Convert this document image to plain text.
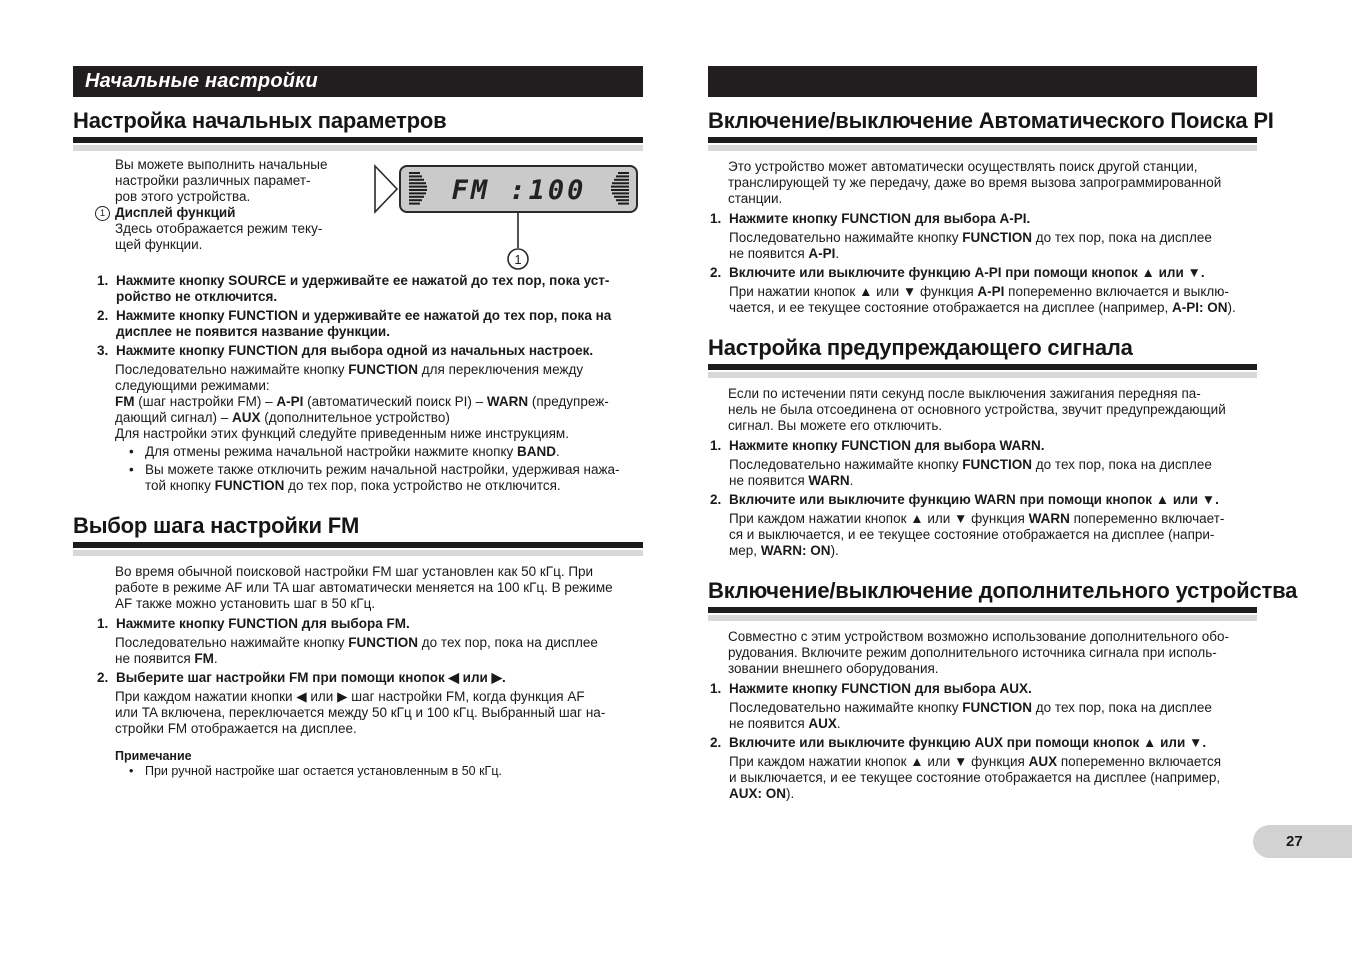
Начальные настройки
Настройка начальных параметров
Вы можете выполнить начальные
настройки различных парамет-
ров этого устройства.
1 Дисплей функций
Здесь отображается режим теку-
щей функции.
FM :100
1
1. Нажмите кнопку SOURCE и удерживайте ее нажатой до тех пор, пока уст-
ройство не отключится.
2. Нажмите кнопку FUNCTION и удерживайте ее нажатой до тех пор, пока на
дисплее не появится название функции.
3. Нажмите кнопку FUNCTION для выбора одной из начальных настроек.
Последовательно нажимайте кнопку FUNCTION для переключения между
следующими режимами:
FM (шаг настройки FM) – A-PI (автоматический поиск PI) – WARN (предупреж-
дающий сигнал) – AUX (дополнительное устройство)
Для настройки этих функций следуйте приведенным ниже инструкциям.
• Для отмены режима начальной настройки нажмите кнопку BAND.
• Вы можете также отключить режим начальной настройки, удерживая нажа-
той кнопку FUNCTION до тех пор, пока устройство не отключится.
Выбор шага настройки FM
Во время обычной поисковой настройки FM шаг установлен как 50 кГц. При
работе в режиме AF или TA шаг автоматически меняется на 100 кГц. В режиме
AF также можно установить шаг в 50 кГц.
1. Нажмите кнопку FUNCTION для выбора FM.
Последовательно нажимайте кнопку FUNCTION до тех пор, пока на дисплее
не появится FM.
2. Выберите шаг настройки FM при помощи кнопок ◀ или ▶.
При каждом нажатии кнопки ◀ или ▶ шаг настройки FM, когда функция AF
или TA включена, переключается между 50 кГц и 100 кГц. Выбранный шаг на-
стройки FM отображается на дисплее.
Примечание
• При ручной настройке шаг остается установленным в 50 кГц.
Включение/выключение Автоматического Поиска PI
Это устройство может автоматически осуществлять поиск другой станции,
транслирующей ту же передачу, даже во время вызова запрограммированной
станции.
1. Нажмите кнопку FUNCTION для выбора A-PI.
Последовательно нажимайте кнопку FUNCTION до тех пор, пока на дисплее
не появится A-PI.
2. Включите или выключите функцию A-PI при помощи кнопок ▲ или ▼.
При нажатии кнопок ▲ или ▼ функция A-PI попеременно включается и выклю-
чается, и ее текущее состояние отображается на дисплее (например, A-PI: ON).
Настройка предупреждающего сигнала
Если по истечении пяти секунд после выключения зажигания передняя па-
нель не была отсоединена от основного устройства, звучит предупреждающий
сигнал. Вы можете его отключить.
1. Нажмите кнопку FUNCTION для выбора WARN.
Последовательно нажимайте кнопку FUNCTION до тех пор, пока на дисплее
не появится WARN.
2. Включите или выключите функцию WARN при помощи кнопок ▲ или ▼.
При каждом нажатии кнопок ▲ или ▼ функция WARN попеременно включает-
ся и выключается, и ее текущее состояние отображается на дисплее (напри-
мер, WARN: ON).
Включение/выключение дополнительного устройства
Совместно с этим устройством возможно использование дополнительного обо-
рудования. Включите режим дополнительного источника сигнала при исполь-
зовании внешнего оборудования.
1. Нажмите кнопку FUNCTION для выбора AUX.
Последовательно нажимайте кнопку FUNCTION до тех пор, пока на дисплее
не появится AUX.
2. Включите или выключите функцию AUX при помощи кнопок ▲ или ▼.
При каждом нажатии кнопок ▲ или ▼ функция AUX попеременно включается
и выключается, и ее текущее состояние отображается на дисплее (например,
AUX: ON).
27
